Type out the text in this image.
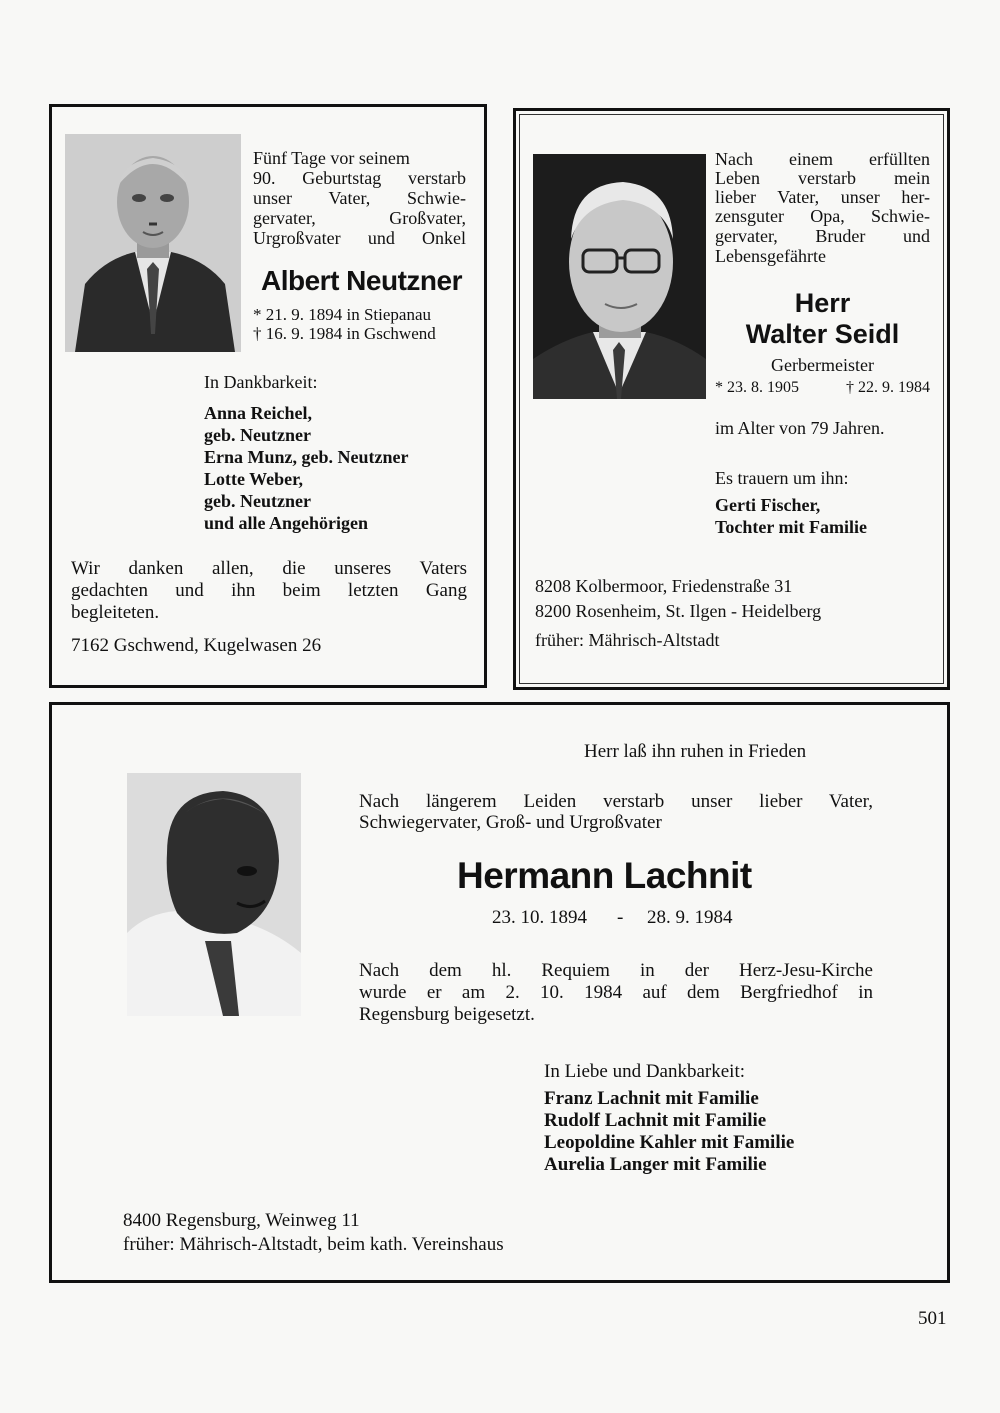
Fünf Tage vor seinem
90. Geburtstag verstarb
unser Vater, Schwie-
gervater, Großvater,
Urgroßvater und Onkel
Albert Neutzner
* 21. 9. 1894 in Stiepanau
† 16. 9. 1984 in Gschwend
In Dankbarkeit:
Anna Reichel,
geb. Neutzner
Erna Munz, geb. Neutzner
Lotte Weber,
geb. Neutzner
und alle Angehörigen
Wir danken allen, die unseres Vaters
gedachten und ihn beim letzten Gang
begleiteten.
7162 Gschwend, Kugelwasen 26
Nach einem erfüllten
Leben verstarb mein
lieber Vater, unser her-
zensguter Opa, Schwie-
gervater, Bruder und
Lebensgefährte
Herr
Walter Seidl
Gerbermeister
* 23. 8. 1905	† 22. 9. 1984
im Alter von 79 Jahren.
Es trauern um ihn:
Gerti Fischer,
Tochter mit Familie
8208 Kolbermoor, Friedenstraße 31
8200 Rosenheim, St. Ilgen - Heidelberg
früher: Mährisch-Altstadt
Herr laß ihn ruhen in Frieden
Nach längerem Leiden verstarb unser lieber Vater,
Schwiegervater, Groß- und Urgroßvater
Hermann Lachnit
23. 10. 1894 - 28. 9. 1984
Nach dem hl. Requiem in der Herz-Jesu-Kirche
wurde er am 2. 10. 1984 auf dem Bergfriedhof in
Regensburg beigesetzt.
In Liebe und Dankbarkeit:
Franz Lachnit mit Familie
Rudolf Lachnit mit Familie
Leopoldine Kahler mit Familie
Aurelia Langer mit Familie
8400 Regensburg, Weinweg 11
früher: Mährisch-Altstadt, beim kath. Vereinshaus
501
